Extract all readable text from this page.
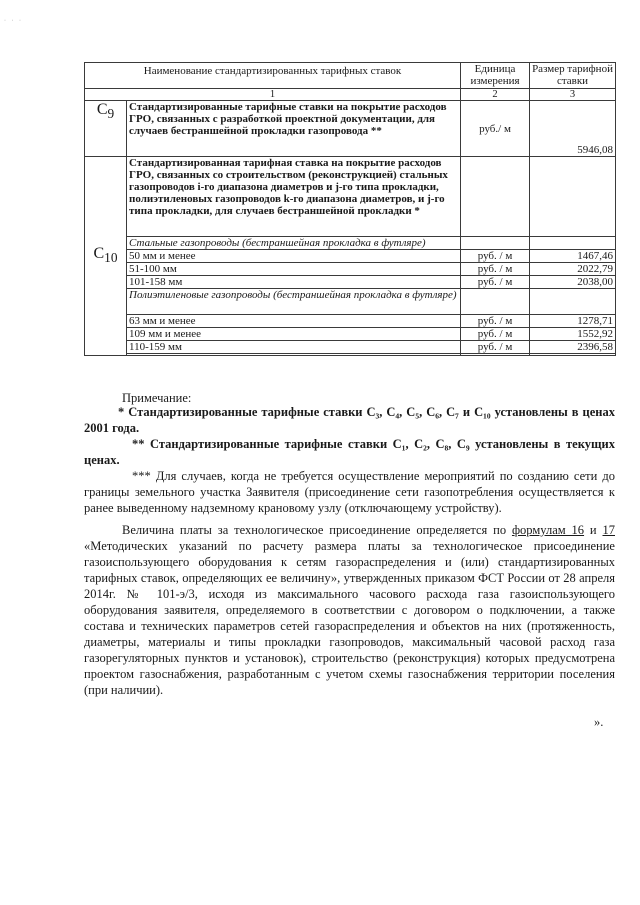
· · ·
Наименование стандартизированных тарифных ставок		Единица измерения	Размер тарифной ставки
1		2	3
$C_9$	Стандартизированные тарифные ставки на покрытие расходов ГРО, связанных с разработкой проектной документации, для случаев бестраншейной прокладки газопровода **	руб./ м	5946,08
$C_{10}$	Стандартизированная тарифная ставка на покрытие расходов ГРО, связанных со строительством (реконструкцией) стальных газопроводов i-го диапазона диаметров и j-го типа прокладки, полиэтиленовых газопроводов k-го диапазона диаметров, и j-го типа прокладки, для случаев бестраншейной прокладки *		
	Стальные газопроводы (бестраншейная прокладка в футляре)		
	50 мм и менее	руб. / м	1467,46
	51-100 мм	руб. / м	2022,79
	101-158 мм	руб. / м	2038,00
	Полиэтиленовые газопроводы (бестраншейная прокладка в футляре)		
	63 мм и менее	руб. / м	1278,71
	109 мм и менее	руб. / м	1552,92
	110-159 мм	руб. / м	2396,58

Примечание:
* Стандартизированные тарифные ставки C₃, C₄, C₅, C₆, C₇ и C₁₀ установлены в ценах 2001 года.
** Стандартизированные тарифные ставки C₁, C₂, C₈, C₉ установлены в текущих ценах.
*** Для случаев, когда не требуется осуществление мероприятий по созданию сети до границы земельного участка Заявителя (присоединение сети газопотребления осуществляется к ранее выведенному надземному крановому узлу (отключающему устройству).
Величина платы за технологическое присоединение определяется по формулам 16 и 17 «Методических указаний по расчету размера платы за технологическое присоединение газоиспользующего оборудования к сетям газораспределения и (или) стандартизированных тарифных ставок, определяющих ее величину», утвержденных приказом ФСТ России от 28 апреля 2014г. № 101-э/3, исходя из максимального часового расхода газа газоиспользующего оборудования заявителя, определяемого в соответствии с договором о подключении, а также состава и технических параметров сетей газораспределения и объектов на них (протяженность, диаметры, материалы и типы прокладки газопроводов, максимальный часовой расход газа газорегуляторных пунктов и установок), строительство (реконструкция) которых предусмотрена проектом газоснабжения, разработанным с учетом схемы газоснабжения территории поселения (при наличии).
».
